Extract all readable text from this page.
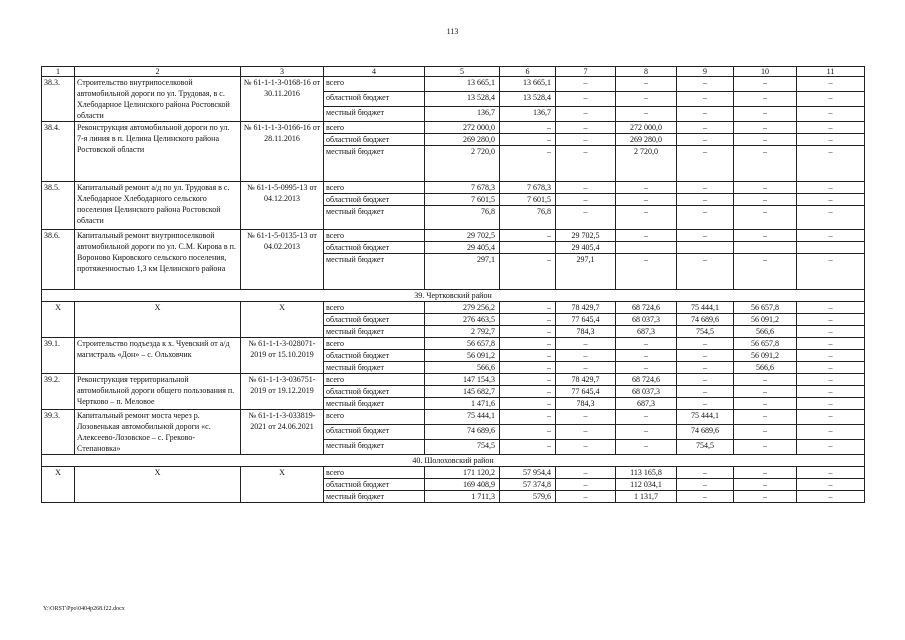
113
1	2	3	4	5	6	7	8	9	10	11
38.3.	Строительство внутрипоселковой автомобильной дороги по ул. Трудовая, в с. Хлебодарное Целинского района Ростовской области	№ 61-1-1-3-0168-16 от 30.11.2016	всего	13 665,1	13 665,1	–	–	–	–	–
			областной бюджет	13 528,4	13 528,4	–	–	–	–	–
			местный бюджет	136,7	136,7	–	–	–	–	–
38.4.	Реконструкция автомобильной дороги по ул. 7-я линия в п. Целина Целинского района Ростовской области	№ 61-1-1-3-0166-16 от 28.11.2016	всего	272 000,0	–	–	272 000,0	–	–	–
			областной бюджет	269 280,0	–	–	269 280,0	–	–	–
			местный бюджет	2 720,0	–	–	2 720,0	–	–	–
38.5.	Капитальный ремонт а/д по ул. Трудовая в с. Хлебодарное Хлебодарного сельского поселения Целинского района Ростовской области	№ 61-1-5-0995-13 от 04.12.2013	всего	7 678,3	7 678,3	–	–	–	–	–
			областной бюджет	7 601,5	7 601,5	–	–	–	–	–
			местный бюджет	76,8	76,8	–	–	–	–	–
38.6.	Капитальный ремонт внутрипоселковой автомобильной дороги по ул. С.М. Кирова в п. Вороново Кировского сельского поселения, протяженностью 1,3 км Целинского района	№ 61-1-5-0135-13 от 04.02.2013	всего	29 702,5	–	29 702,5	–	–	–	–
			областной бюджет	29 405,4		29 405,4				
			местный бюджет	297,1	–	297,1	–	–	–	–
39. Чертковский район										
X	X	X	всего	279 256,2	–	78 429,7	68 724,6	75 444,1	56 657,8	–
			областной бюджет	276 463,5	–	77 645,4	68 037,3	74 689,6	56 091,2	–
			местный бюджет	2 792,7	–	784,3	687,3	754,5	566,6	–
39.1.	Строительство подъезда к х. Чуевский от а/д магистраль «Дон» – с. Ольховчик	№ 61-1-1-3-028071-2019 от 15.10.2019	всего	56 657,8	–	–	–	–	56 657,8	–
			областной бюджет	56 091,2	–	–	–	–	56 091,2	–
			местный бюджет	566,6	–	–	–	–	566,6	–
39.2.	Реконструкция территориальной автомобильной дороги общего пользования п. Чертково – п. Меловое	№ 61-1-1-3-036751-2019 от 19.12.2019	всего	147 154,3	–	78 429,7	68 724,6	–	–	–
			областной бюджет	145 682,7	–	77 645,4	68 037,3	–	–	–
			местный бюджет	1 471,6	–	784,3	687,3	–	–	–
39.3.	Капитальный ремонт моста через р. Лозовенькая автомобильной дороги «с. Алексеево-Лозовское – с. Греково-Степановка»	№ 61-1-1-3-033819-2021 от 24.06.2021	всего	75 444,1	–	–	–	75 444,1	–	–
			областной бюджет	74 689,6	–	–	–	74 689,6	–	–
			местный бюджет	754,5	–	–	–	754,5	–	–
40. Шолоховский район										
X	X	X	всего	171 120,2	57 954,4	–	113 165,8	–	–	–
			областной бюджет	169 408,9	57 374,8	–	112 034,1	–	–	–
			местный бюджет	1 711,3	579,6	–	1 131,7	–	–	–
Y:\ORST\Ppo\0404p268.f22.docx
